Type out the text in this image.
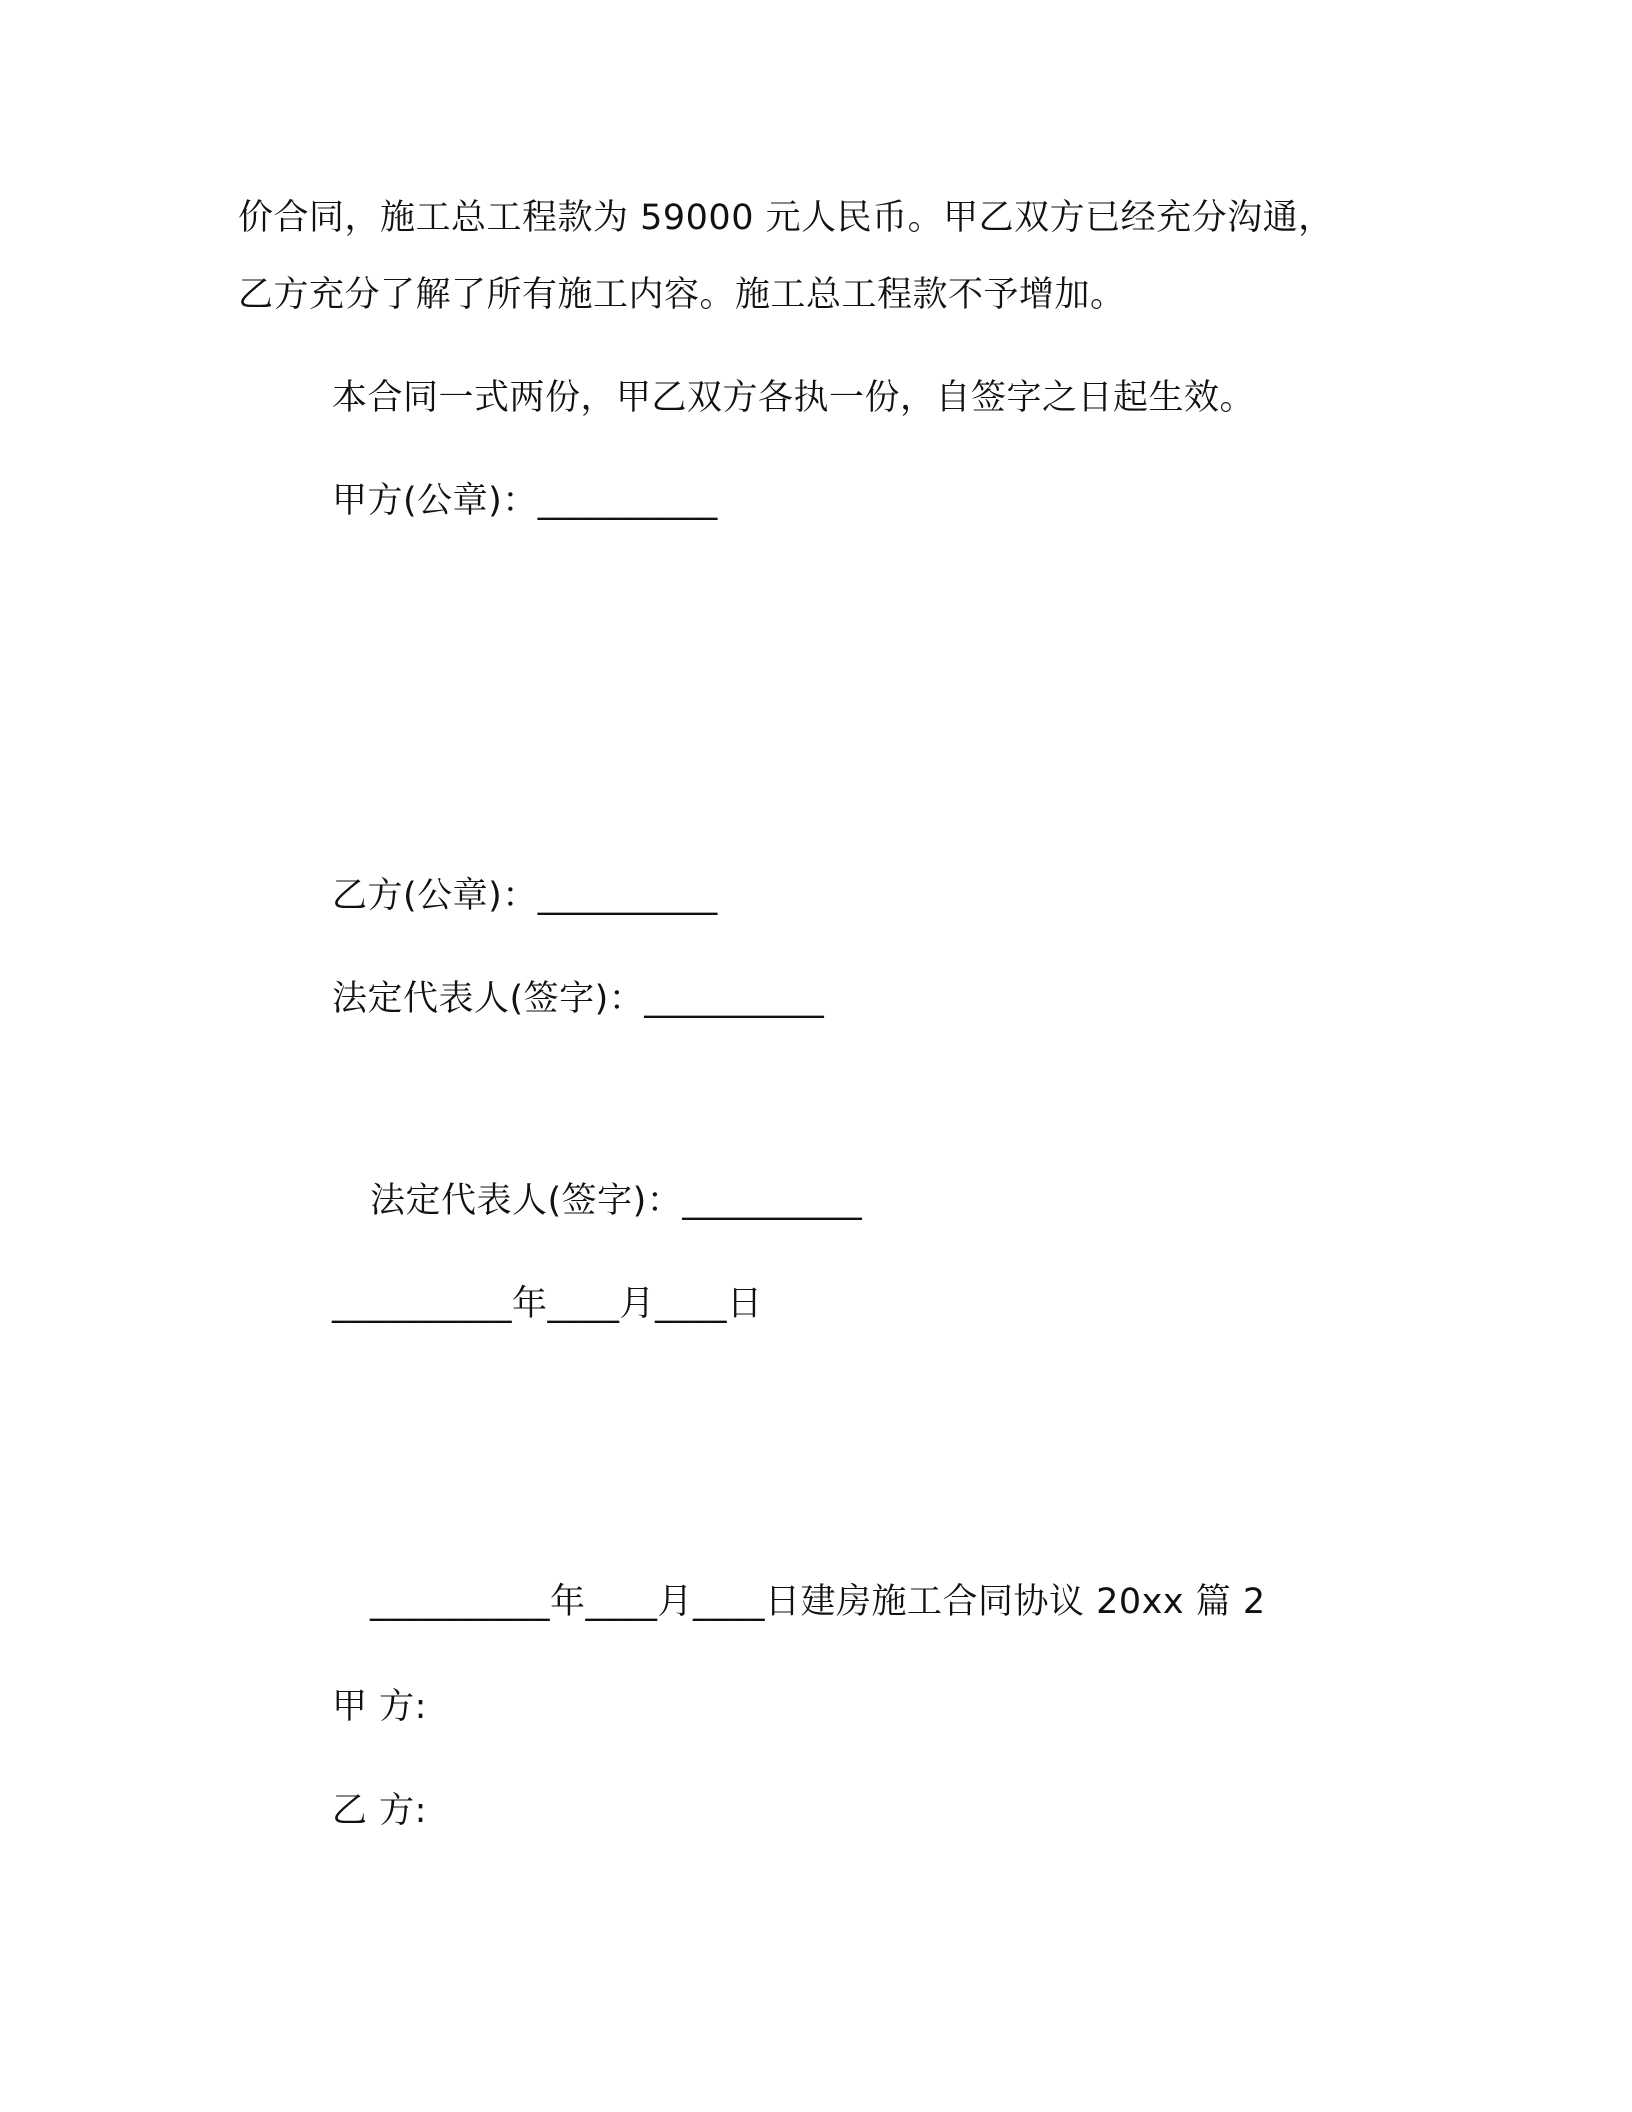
价合同，施工总工程款为 59000 元人民币。甲乙双方已经充分沟通，
乙方充分了解了所有施工内容。施工总工程款不予增加。
本合同一式两份，甲乙双方各执一份，自签字之日起生效。
甲方(公章)：__________
乙方(公章)：__________
法定代表人(签字)：__________
法定代表人(签字)：__________
__________年____月____日
__________年____月____日建房施工合同协议 20xx 篇 2
甲 方:
乙 方:
